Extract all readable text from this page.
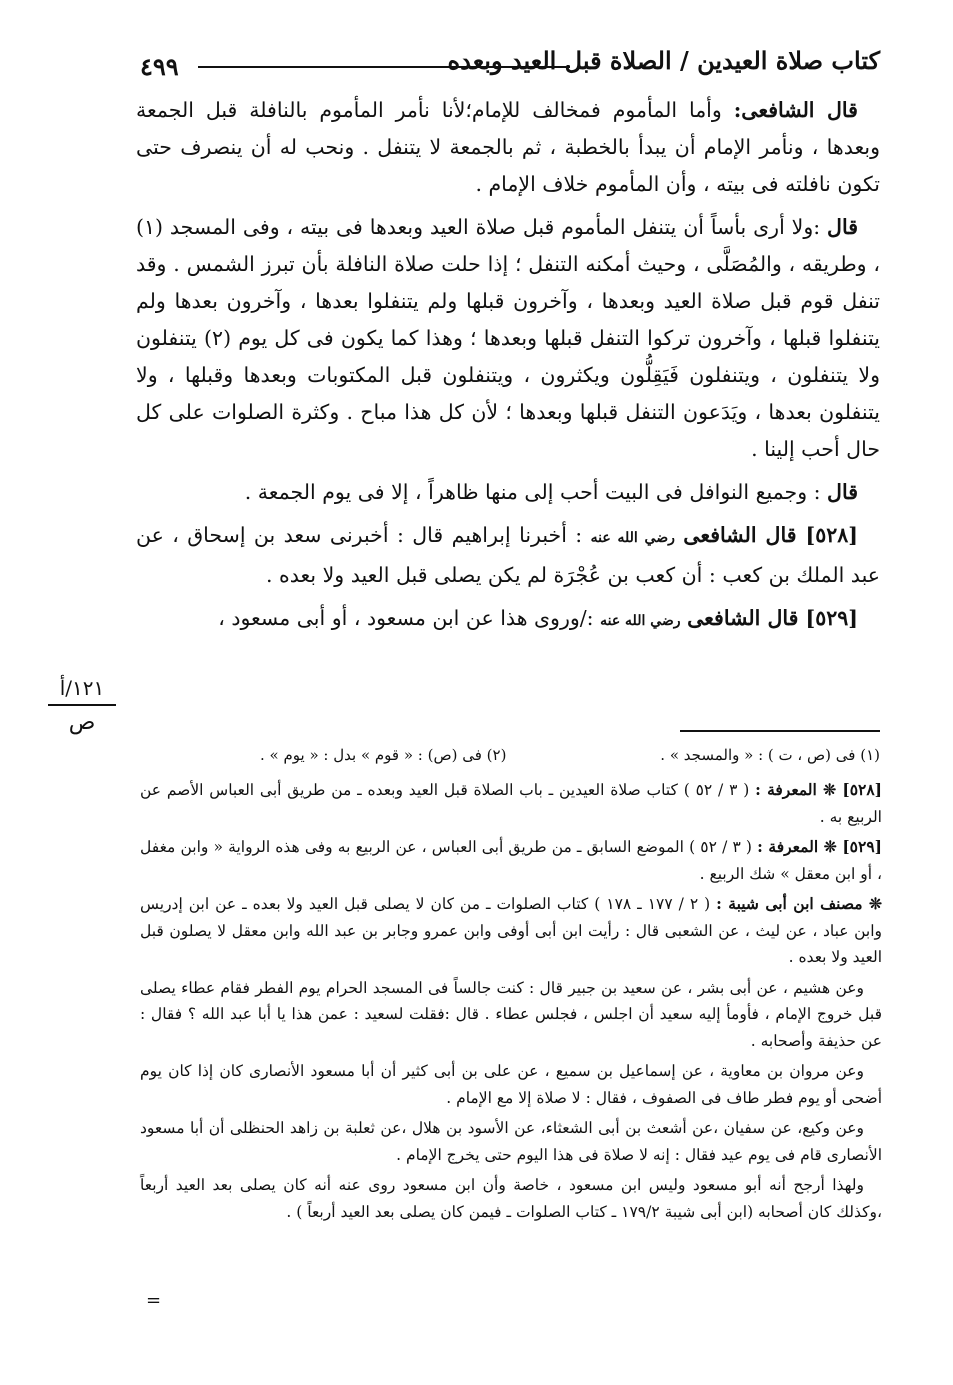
٤٩٩	كتاب صلاة العيدين / الصلاة قبل العيد وبعده

قال الشافعى: وأما المأموم فمخالف للإمام؛لأنا نأمر المأموم بالنافلة قبل الجمعة وبعدها ، ونأمر الإمام أن يبدأ بالخطبة ، ثم بالجمعة لا يتنفل . ونحب له أن ينصرف حتى تكون نافلته فى بيته ، وأن المأموم خلاف الإمام .

قال :ولا أرى بأساً أن يتنفل المأموم قبل صلاة العيد وبعدها فى بيته ، وفى المسجد (١) ، وطريقه ، والمُصَلَّى ، وحيث أمكنه التنفل ؛ إذا حلت صلاة النافلة بأن تبرز الشمس . وقد تنفل قوم قبل صلاة العيد وبعدها ، وآخرون قبلها ولم يتنفلوا بعدها ، وآخرون بعدها ولم يتنفلوا قبلها ، وآخرون تركوا التنفل قبلها وبعدها ؛ وهذا كما يكون فى كل يوم (٢) يتنفلون ولا يتنفلون ، ويتنفلون فَيَقِلُّون ويكثرون ، ويتنفلون قبل المكتوبات وبعدها وقبلها ، ولا يتنفلون بعدها ، ويَدَعون التنفل قبلها وبعدها ؛ لأن كل هذا مباح . وكثرة الصلوات على كل حال أحب إلينا .

قال : وجميع النوافل فى البيت أحب إلى منها ظاهراً ، إلا فى يوم الجمعة .

[٥٢٨] قال الشافعى رضي الله عنه : أخبرنا إبراهيم قال : أخبرنى سعد بن إسحاق ، عن عبد الملك بن كعب : أن كعب بن عُجْرَة لم يكن يصلى قبل العيد ولا بعده .

[٥٢٩] قال الشافعى رضي الله عنه :/وروى هذا عن ابن مسعود ، أو أبى مسعود ،

١٢١/أ
ص
(١) فى (ص ، ت ) : « والمسجد » .
(٢) فى (ص) : « قوم » بدل : « يوم » .

[٥٢٨] ❊ المعرفة : ( ٣ / ٥٢ ) كتاب صلاة العيدين ـ باب الصلاة قبل العيد وبعده ـ من طريق أبى العباس الأصم عن الربيع به .

[٥٢٩] ❊ المعرفة : ( ٣ / ٥٢ ) الموضع السابق ـ من طريق أبى العباس ، عن الربيع به وفى هذه الرواية « وابن مغفل ، أو ابن معقل » شك الربيع .

❊ مصنف ابن أبى شيبة : ( ٢ / ١٧٧ ـ ١٧٨ ) كتاب الصلوات ـ من كان لا يصلى قبل العيد ولا بعده ـ عن ابن إدريس وابن عباد ، عن ليث ، عن الشعبى قال : رأيت ابن أبى أوفى وابن عمرو وجابر بن عبد الله وابن معقل لا يصلون قبل العيد ولا بعده .

وعن هشيم ، عن أبى بشر ، عن سعيد بن جبير قال : كنت جالساً فى المسجد الحرام يوم الفطر فقام عطاء يصلى قبل خروج الإمام ، فأومأ إليه سعيد أن اجلس ، فجلس عطاء . قال :فقلت لسعيد : عمن هذا يا أبا عبد الله ؟ فقال : عن حذيفة وأصحابه .

وعن مروان بن معاوية ، عن إسماعيل بن سميع ، عن على بن أبى كثير أن أبا مسعود الأنصارى كان إذا كان يوم أضحى أو يوم فطر طاف فى الصفوف ، فقال : لا صلاة إلا مع الإمام .

وعن وكيع، عن سفيان ،عن أشعث بن أبى الشعثاء، عن الأسود بن هلال ،عن ثعلبة بن زاهد الحنظلى أن أبا مسعود الأنصارى قام فى يوم عيد فقال : إنه لا صلاة فى هذا اليوم حتى يخرج الإمام .

ولهذا أرجح أنه أبو مسعود وليس ابن مسعود ، خاصة وأن ابن مسعود روى عنه أنه كان يصلى بعد العيد أربعاً ،وكذلك كان أصحابه (ابن أبى شيبة ١٧٩/٢ ـ كتاب الصلوات ـ فيمن كان يصلى بعد العيد أربعاً ) .

=
